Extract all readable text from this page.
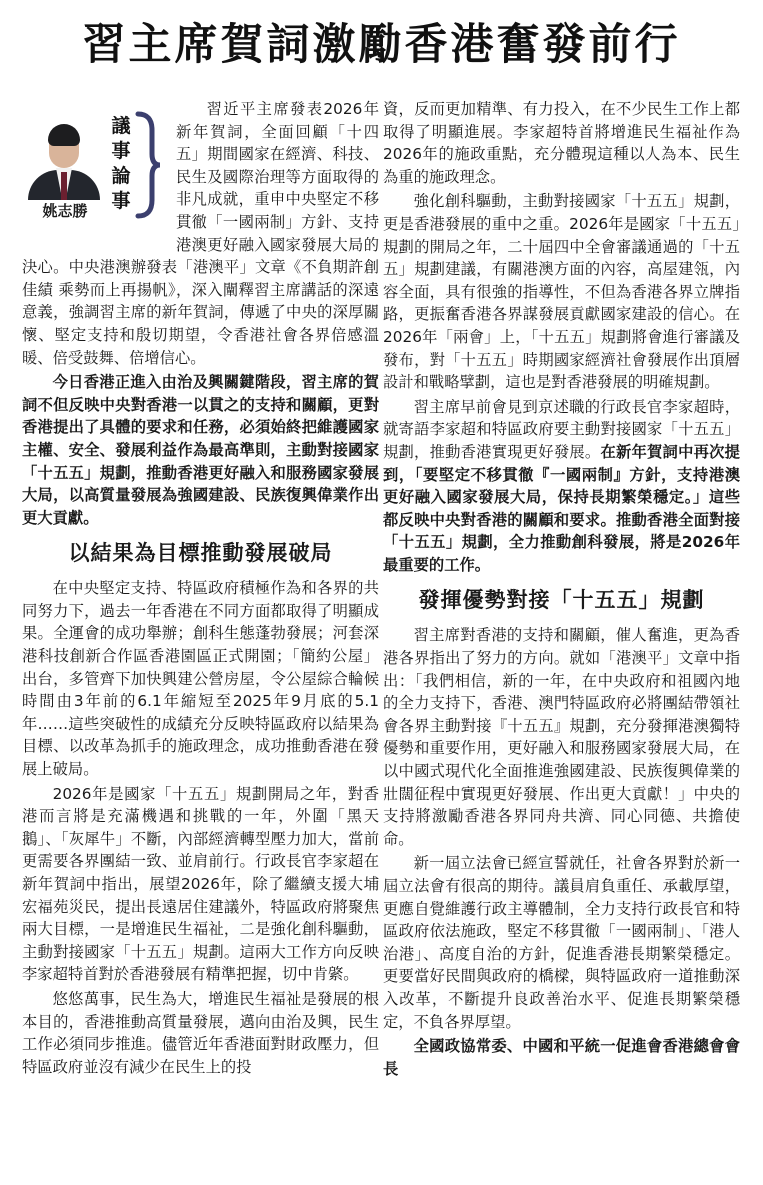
習主席賀詞激勵香港奮發前行
姚志勝
議
事
論
事

習近平主席發表2026年新年賀詞，全面回顧「十四五」期間國家在經濟、科技、民生及國際治理等方面取得的非凡成就，重申中央堅定不移貫徹「一國兩制」方針、支持港澳更好融入國家發展大局的決心。中央港澳辦發表「港澳平」文章《不負期許創佳績 乘勢而上再揚帆》，深入闡釋習主席講話的深遠意義，強調習主席的新年賀詞，傳遞了中央的深厚關懷、堅定支持和殷切期望，令香港社會各界倍感溫暖、倍受鼓舞、倍增信心。

今日香港正進入由治及興關鍵階段，習主席的賀詞不但反映中央對香港一以貫之的支持和關顧，更對香港提出了具體的要求和任務，必須始終把維護國家主權、安全、發展利益作為最高準則，主動對接國家「十五五」規劃，推動香港更好融入和服務國家發展大局，以高質量發展為強國建設、民族復興偉業作出更大貢獻。

以結果為目標推動發展破局

在中央堅定支持、特區政府積極作為和各界的共同努力下，過去一年香港在不同方面都取得了明顯成果。全運會的成功舉辦；創科生態蓬勃發展；河套深港科技創新合作區香港園區正式開園；「簡約公屋」出台，多管齊下加快興建公營房屋，令公屋綜合輪候時間由3年前的6.1年縮短至2025年9月底的5.1年……這些突破性的成績充分反映特區政府以結果為目標、以改革為抓手的施政理念，成功推動香港在發展上破局。

2026年是國家「十五五」規劃開局之年，對香港而言將是充滿機遇和挑戰的一年，外圍「黑天鵝」、「灰犀牛」不斷，內部經濟轉型壓力加大，當前更需要各界團結一致、並肩前行。行政長官李家超在新年賀詞中指出，展望2026年，除了繼續支援大埔宏福苑災民，提出長遠居住建議外，特區政府將聚焦兩大目標，一是增進民生福祉，二是強化創科驅動，主動對接國家「十五五」規劃。這兩大工作方向反映李家超特首對於香港發展有精準把握，切中肯綮。

悠悠萬事，民生為大，增進民生福祉是發展的根本目的，香港推動高質量發展，邁向由治及興，民生工作必須同步推進。儘管近年香港面對財政壓力，但特區政府並沒有減少在民生上的投

資，反而更加精準、有力投入，在不少民生工作上都取得了明顯進展。李家超特首將增進民生福祉作為2026年的施政重點，充分體現這種以人為本、民生為重的施政理念。

強化創科驅動，主動對接國家「十五五」規劃，更是香港發展的重中之重。2026年是國家「十五五」規劃的開局之年，二十屆四中全會審議通過的「十五五」規劃建議，有關港澳方面的內容，高屋建瓴，內容全面，具有很強的指導性，不但為香港各界立牌指路，更振奮香港各界謀發展貢獻國家建設的信心。在2026年「兩會」上，「十五五」規劃將會進行審議及發布，對「十五五」時期國家經濟社會發展作出頂層設計和戰略擘劃，這也是對香港發展的明確規劃。

習主席早前會見到京述職的行政長官李家超時，就寄語李家超和特區政府要主動對接國家「十五五」規劃，推動香港實現更好發展。在新年賀詞中再次提到，「要堅定不移貫徹『一國兩制』方針，支持港澳更好融入國家發展大局，保持長期繁榮穩定。」這些都反映中央對香港的關顧和要求。推動香港全面對接「十五五」規劃，全力推動創科發展，將是2026年最重要的工作。

發揮優勢對接「十五五」規劃

習主席對香港的支持和關顧，催人奮進，更為香港各界指出了努力的方向。就如「港澳平」文章中指出：「我們相信，新的一年，在中央政府和祖國內地的全力支持下，香港、澳門特區政府必將團結帶領社會各界主動對接『十五五』規劃，充分發揮港澳獨特優勢和重要作用，更好融入和服務國家發展大局，在以中國式現代化全面推進強國建設、民族復興偉業的壯闊征程中實現更好發展、作出更大貢獻！」中央的支持將激勵香港各界同舟共濟、同心同德、共擔使命。

新一屆立法會已經宣誓就任，社會各界對於新一屆立法會有很高的期待。議員肩負重任、承載厚望，更應自覺維護行政主導體制，全力支持行政長官和特區政府依法施政，堅定不移貫徹「一國兩制」、「港人治港」、高度自治的方針，促進香港長期繁榮穩定。更要當好民間與政府的橋樑，與特區政府一道推動深入改革，不斷提升良政善治水平、促進長期繁榮穩定，不負各界厚望。

全國政協常委、中國和平統一促進會香港總會會長
